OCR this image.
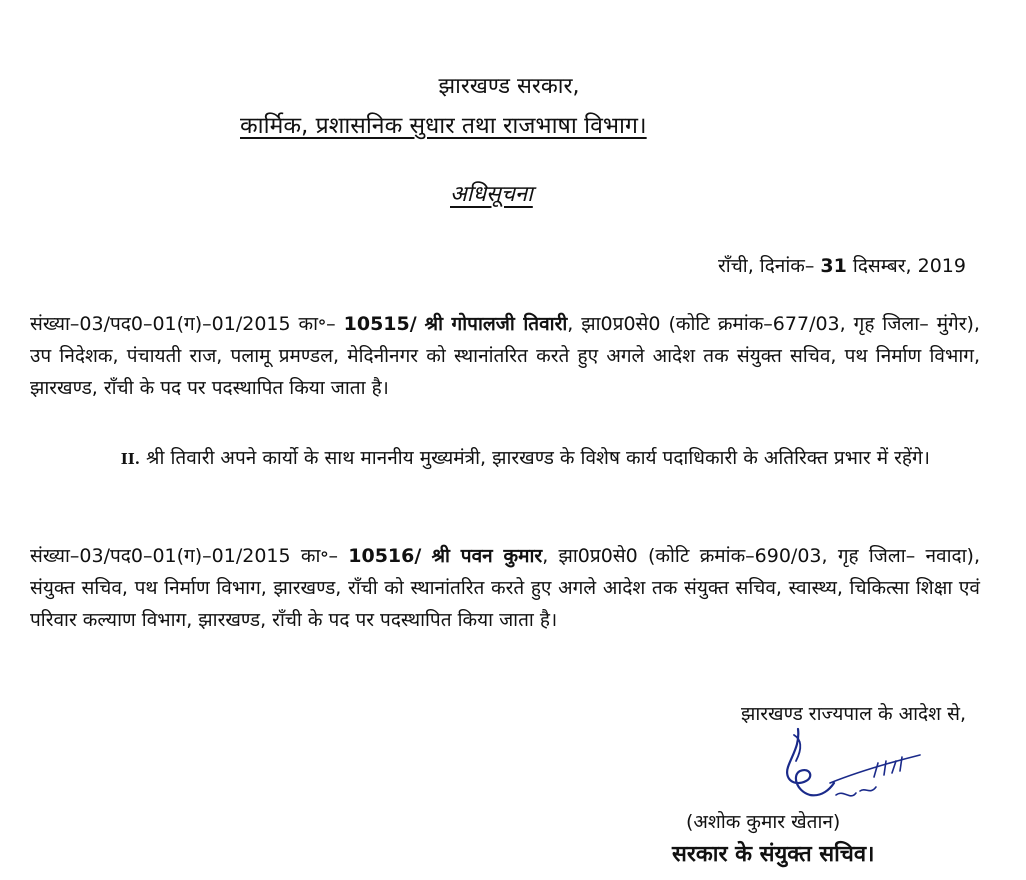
झारखण्ड सरकार,
कार्मिक, प्रशासनिक सुधार तथा राजभाषा विभाग।
अधिसूचना
राँची, दिनांक– 31 दिसम्बर, 2019
संख्या–03/पद0–01(ग)–01/2015 का॰– 10515/ श्री गोपालजी तिवारी, झा0प्र0से0 (कोटि क्रमांक–677/03, गृह जिला– मुंगेर), उप निदेशक, पंचायती राज, पलामू प्रमण्डल, मेदिनीनगर को स्थानांतरित करते हुए अगले आदेश तक संयुक्त सचिव, पथ निर्माण विभाग, झारखण्ड, राँची के पद पर पदस्थापित किया जाता है।
II. श्री तिवारी अपने कार्यो के साथ माननीय मुख्यमंत्री, झारखण्ड के विशेष कार्य पदाधिकारी के अतिरिक्त प्रभार में रहेंगे।
संख्या–03/पद0–01(ग)–01/2015 का॰– 10516/ श्री पवन कुमार, झा0प्र0से0 (कोटि क्रमांक–690/03, गृह जिला– नवादा), संयुक्त सचिव, पथ निर्माण विभाग, झारखण्ड, राँची को स्थानांतरित करते हुए अगले आदेश तक संयुक्त सचिव, स्वास्थ्य, चिकित्सा शिक्षा एवं परिवार कल्याण विभाग, झारखण्ड, राँची के पद पर पदस्थापित किया जाता है।
झारखण्ड राज्यपाल के आदेश से,
(अशोक कुमार खेतान)
सरकार के संयुक्त सचिव।
